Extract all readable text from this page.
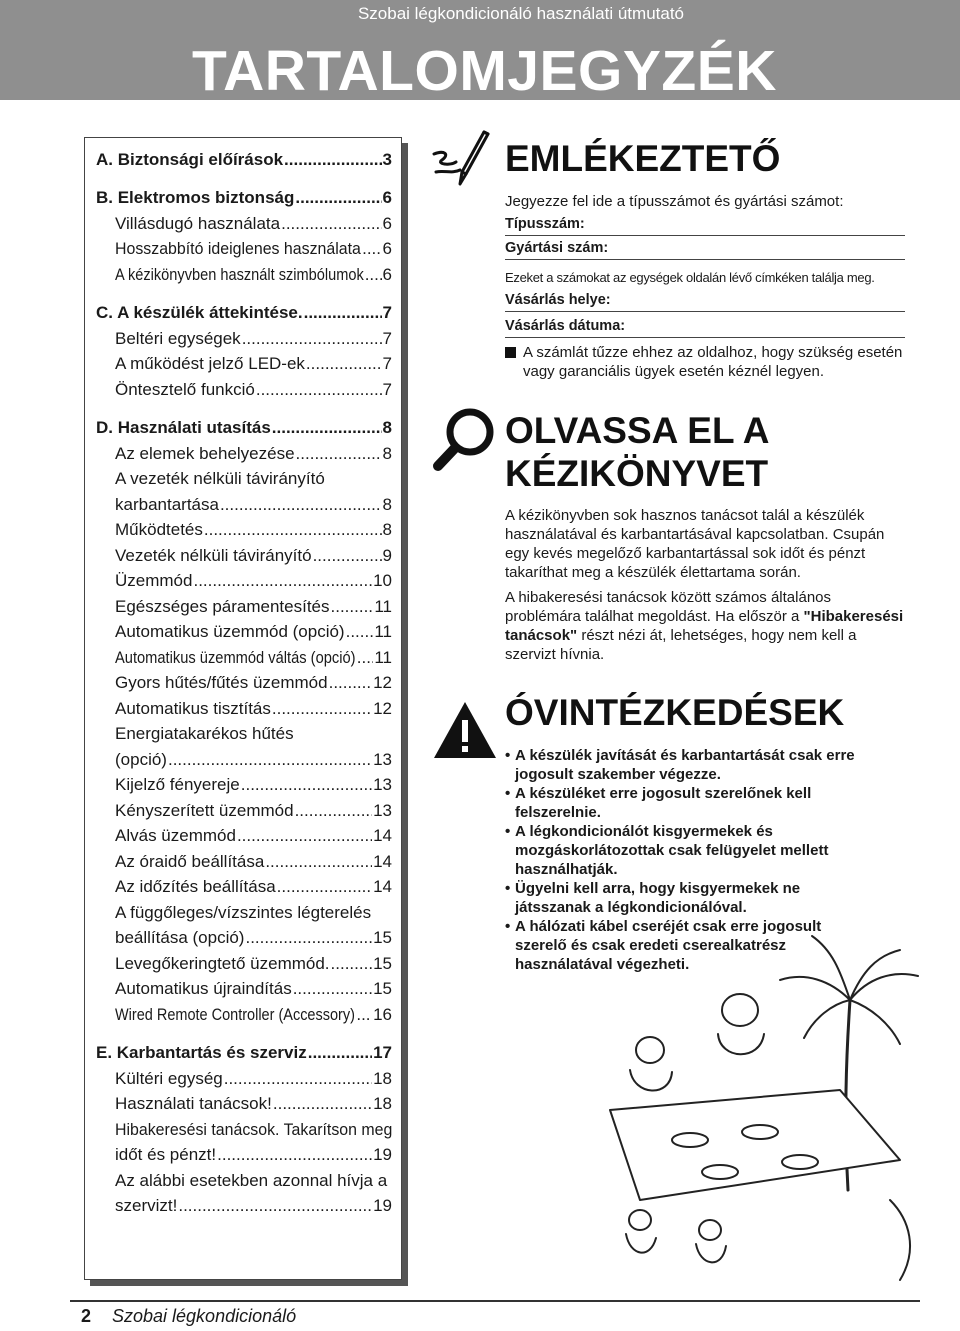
Szobai légkondicionáló használati útmutató
TARTALOMJEGYZÉK
A. Biztonsági előírások .....	3
B. Elektromos biztonság .....	6
Villásdugó használata .....	6
Hosszabbító ideiglenes használata ..... 6
A kézikönyvben használt szimbólumok ..... 6
C. A készülék áttekintése. .....	7
Beltéri egységek .....	7
A működést jelző LED-ek .....	7
Öntesztelő funkció .....	7
D. Használati utasítás .....	8
Az elemek behelyezése .....	8
A vezeték nélküli távirányító
karbantartása .....	8
Működtetés .....	8
Vezeték nélküli távirányító .....	9
Üzemmód .....	10
Egészséges páramentesítés .....	11
Automatikus üzemmód (opció) ..... 11
Automatikus üzemmód váltás (opció) ..... 11
Gyors hűtés/fűtés üzemmód .....	12
Automatikus tisztítás .....	12
Energiatakarékos hűtés
(opció) .....	13
Kijelző fényereje .....	13
Kényszerített üzemmód .....	13
Alvás üzemmód .....	14
Az óraidő beállítása .....	14
Az időzítés beállítása .....	14
A függőleges/vízszintes légterelés
beállítása (opció) .....	15
Levegőkeringtető üzemmód. .....	15
Automatikus újraindítás .....	15
Wired Remote Controller (Accessory) ..... 16
E. Karbantartás és szerviz .....	17
Kültéri egység .....	18
Használati tanácsok! .....	18
Hibakeresési tanácsok. Takarítson meg
időt és pénzt! .....	19
Az alábbi esetekben azonnal hívja a
szervizt! .....	19
EMLÉKEZTETŐ
Jegyezze fel ide a típusszámot és gyártási számot:
Típusszám:
Gyártási szám:
Ezeket a számokat az egységek oldalán lévő címkéken találja meg.
Vásárlás helye:
Vásárlás dátuma:
A számlát tűzze ehhez az oldalhoz, hogy szükség esetén vagy garanciális ügyek esetén kéznél legyen.
OLVASSA EL A
KÉZIKÖNYVET
A kézikönyvben sok hasznos tanácsot talál a készülék használatával és karbantartásával kapcsolatban. Csupán egy kevés megelőző karbantartással sok időt és pénzt takaríthat meg a készülék élettartama során.
A hibakeresési tanácsok között számos általános problémára találhat megoldást. Ha először a "Hibakeresési tanácsok" részt nézi át, lehetséges, hogy nem kell a szervizt hívnia.
ÓVINTÉZKEDÉSEK
• A készülék javítását és karbantartását csak erre jogosult szakember végezze.
• A készüléket erre jogosult szerelőnek kell felszerelnie.
• A légkondicionálót kisgyermekek és mozgáskorlátozottak csak felügyelet mellett használhatják.
• Ügyelni kell arra, hogy kisgyermekek ne játsszanak a légkondicionálóval.
• A hálózati kábel cseréjét csak erre jogosult szerelő és csak eredeti cserealkatrész használatával végezheti.
2 Szobai légkondicionáló
